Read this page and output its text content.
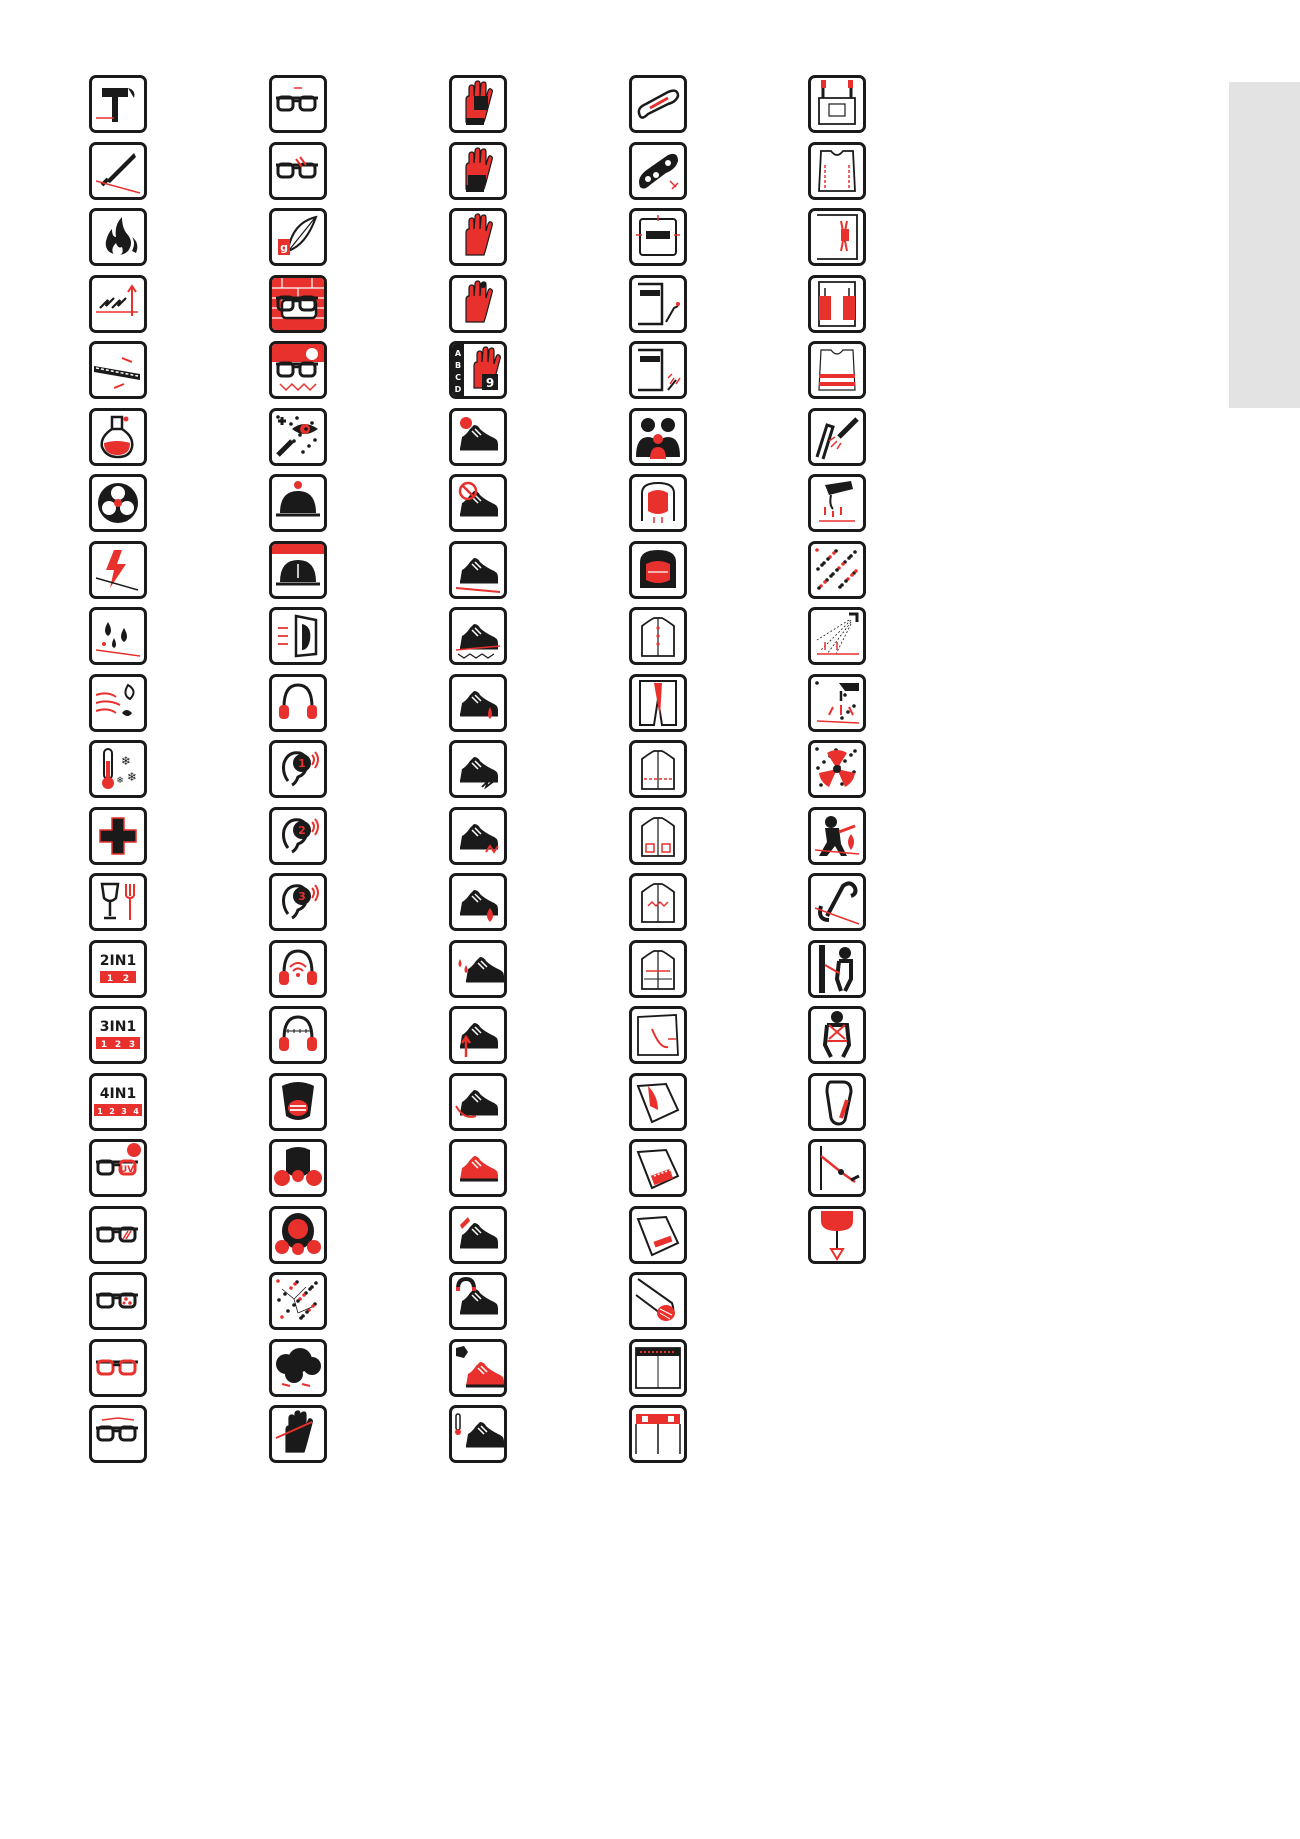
❄
❄
❄
2IN1
1 2
3IN1
1 2 3
4IN1
1 2 3 4
UV
g
1
2
3
A
B
C
D 9
